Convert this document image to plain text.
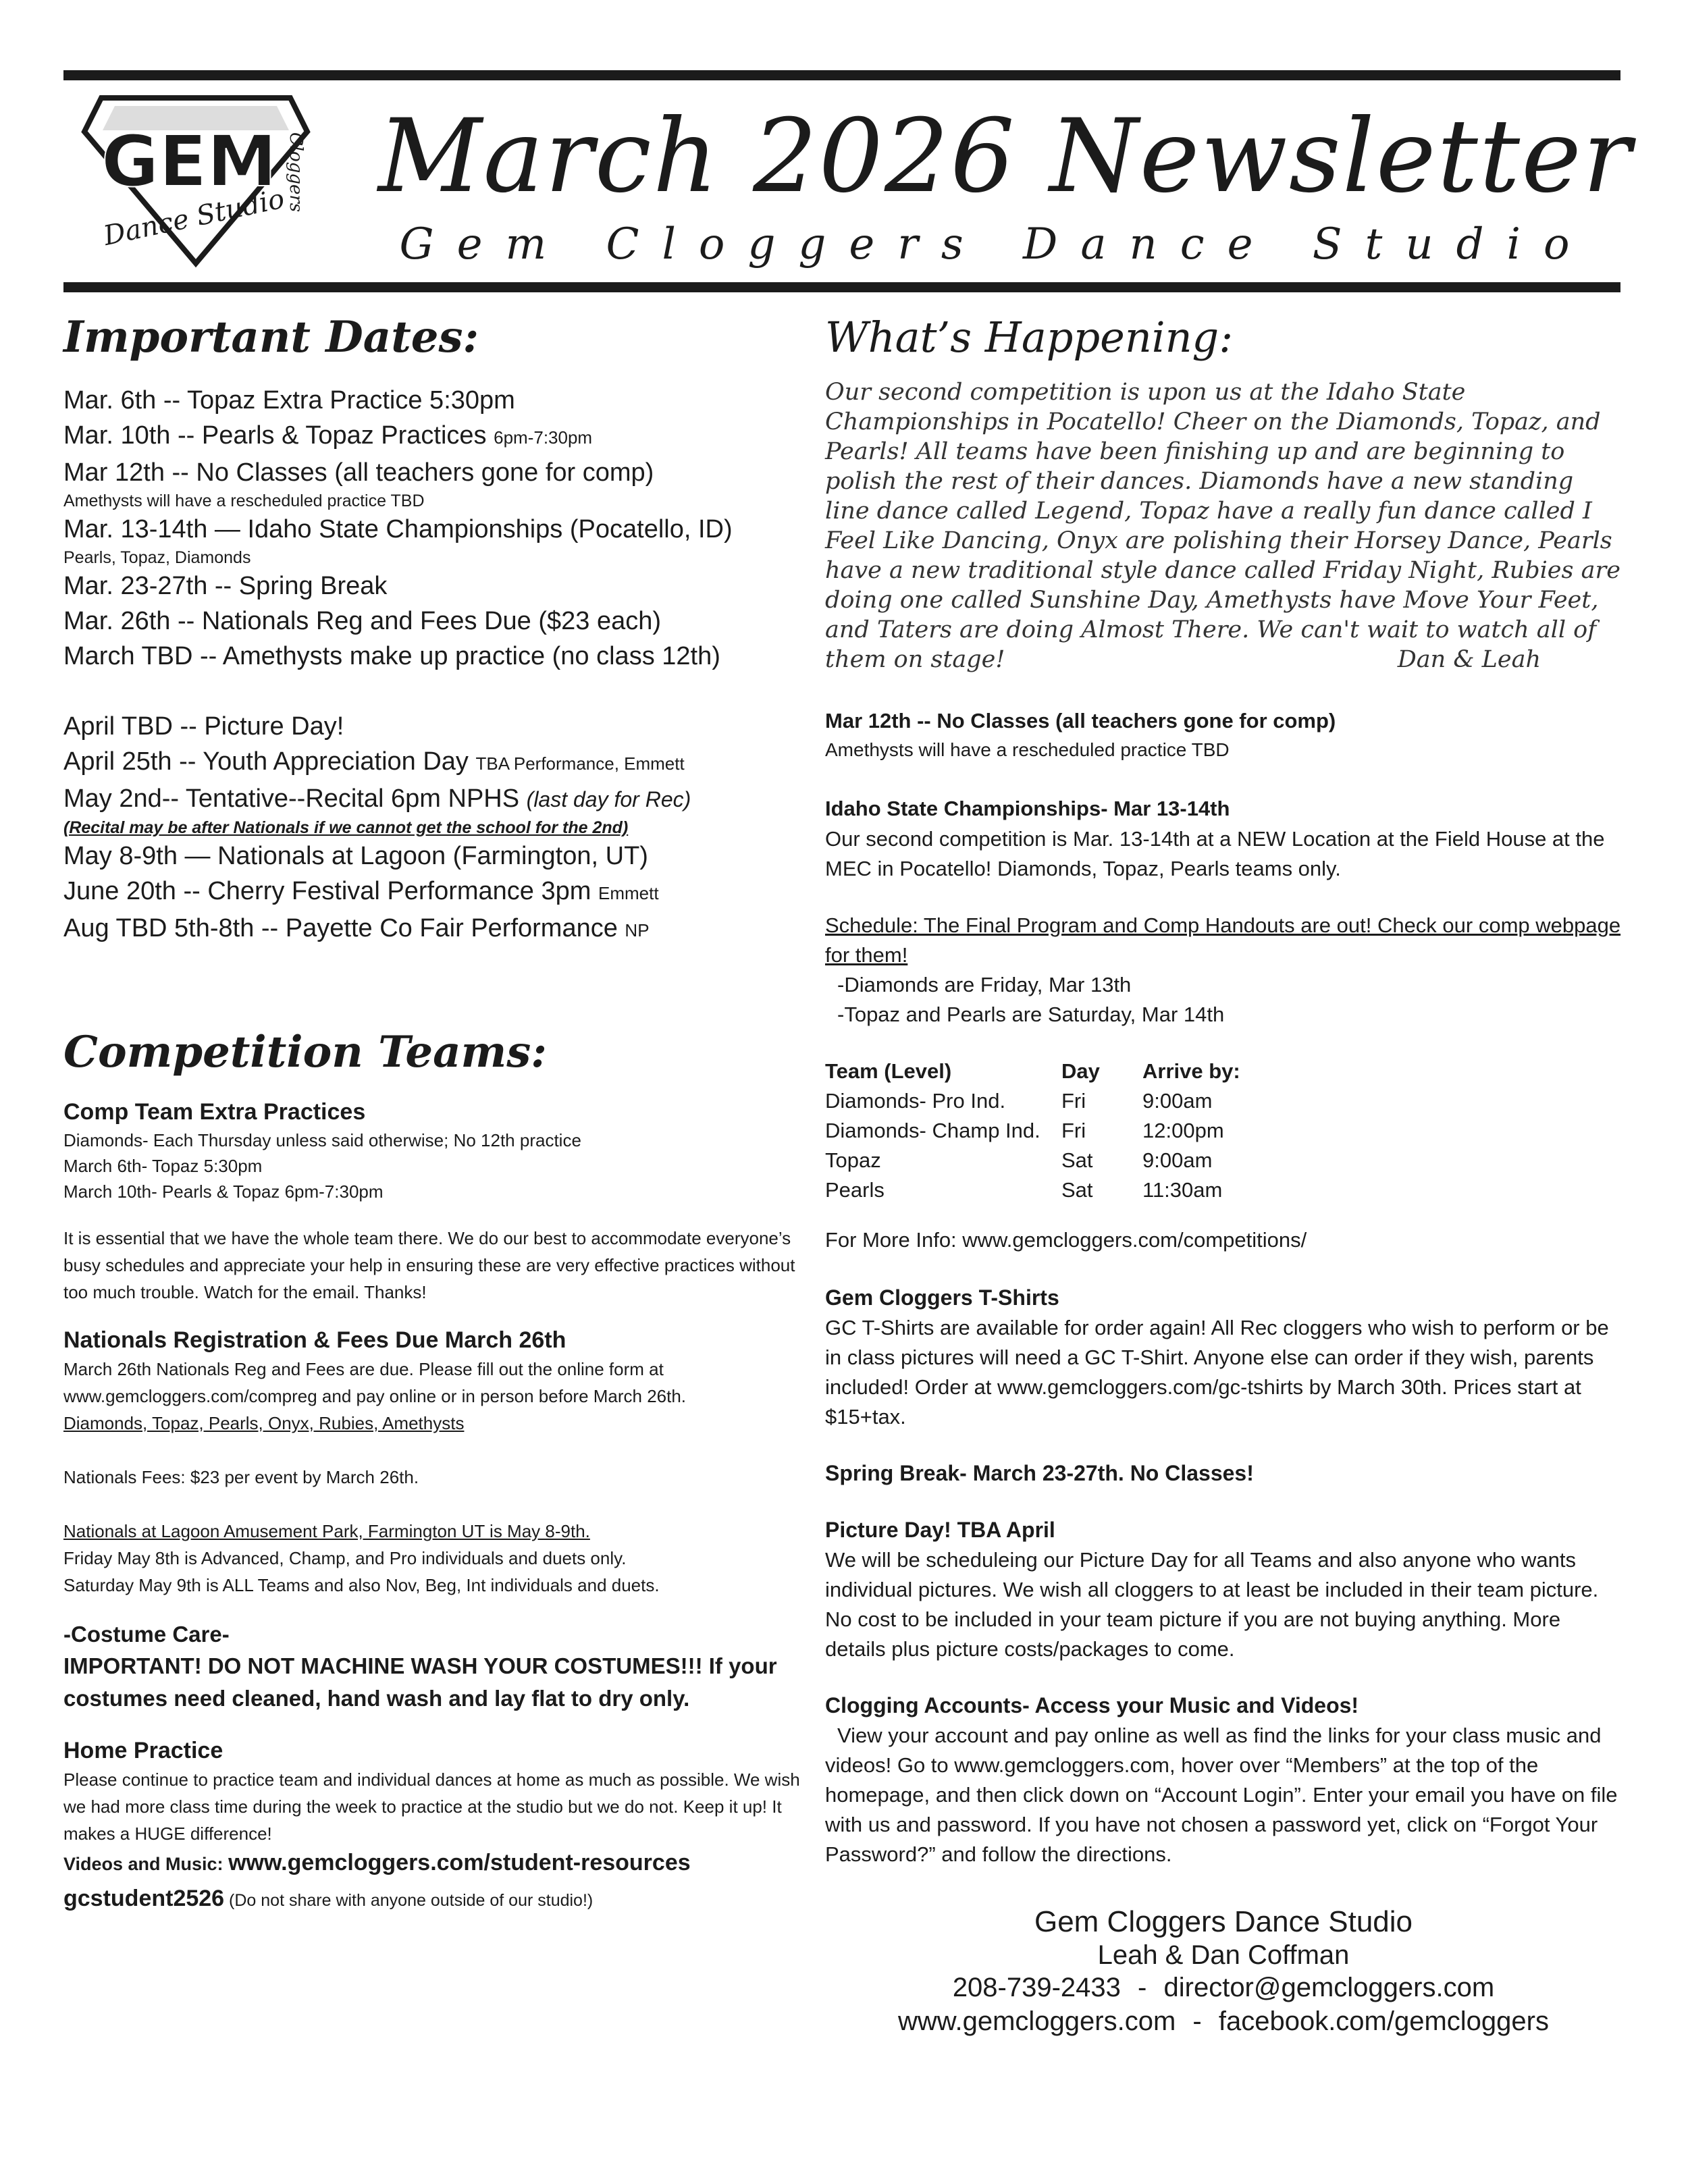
GEM Cloggers
Dance Studio
March 2026 Newsletter
Gem Cloggers Dance Studio
Important Dates:
Mar. 6th -- Topaz Extra Practice 5:30pm
Mar. 10th -- Pearls & Topaz Practices 6pm-7:30pm
Mar 12th -- No Classes (all teachers gone for comp)
Amethysts will have a rescheduled practice TBD
Mar. 13-14th — Idaho State Championships (Pocatello, ID)
Pearls, Topaz, Diamonds
Mar. 23-27th -- Spring Break
Mar. 26th -- Nationals Reg and Fees Due ($23 each)
March TBD -- Amethysts make up practice (no class 12th)
April TBD -- Picture Day!
April 25th -- Youth Appreciation Day TBA Performance, Emmett
May 2nd-- Tentative--Recital 6pm NPHS (last day for Rec)
(Recital may be after Nationals if we cannot get the school for the 2nd)
May 8-9th — Nationals at Lagoon (Farmington, UT)
June 20th -- Cherry Festival Performance 3pm Emmett
Aug TBD 5th-8th -- Payette Co Fair Performance NP
Competition Teams:
Comp Team Extra Practices
Diamonds- Each Thursday unless said otherwise; No 12th practice
March 6th- Topaz 5:30pm
March 10th- Pearls & Topaz 6pm-7:30pm
It is essential that we have the whole team there. We do our best to accommodate everyone’s busy schedules and appreciate your help in ensuring these are very effective practices without too much trouble. Watch for the email. Thanks!
Nationals Registration & Fees Due March 26th
March 26th Nationals Reg and Fees are due. Please fill out the online form at www.gemcloggers.com/compreg and pay online or in person before March 26th.
Diamonds, Topaz, Pearls, Onyx, Rubies, Amethysts
Nationals Fees: $23 per event by March 26th.
Nationals at Lagoon Amusement Park, Farmington UT is May 8-9th.
Friday May 8th is Advanced, Champ, and Pro individuals and duets only.
Saturday May 9th is ALL Teams and also Nov, Beg, Int individuals and duets.
-Costume Care-
IMPORTANT! DO NOT MACHINE WASH YOUR COSTUMES!!! If your costumes need cleaned, hand wash and lay flat to dry only.
Home Practice
Please continue to practice team and individual dances at home as much as possible. We wish we had more class time during the week to practice at the studio but we do not. Keep it up! It makes a HUGE difference!
Videos and Music: www.gemcloggers.com/student-resources
gcstudent2526 (Do not share with anyone outside of our studio!)
What’s Happening:
Our second competition is upon us at the Idaho State Championships in Pocatello! Cheer on the Diamonds, Topaz, and Pearls! All teams have been finishing up and are beginning to polish the rest of their dances. Diamonds have a new standing line dance called Legend, Topaz have a really fun dance called I Feel Like Dancing, Onyx are polishing their Horsey Dance, Pearls have a new traditional style dance called Friday Night, Rubies are doing one called Sunshine Day, Amethysts have Move Your Feet, and Taters are doing Almost There. We can't wait to watch all of them on stage!	Dan & Leah
Mar 12th -- No Classes (all teachers gone for comp)
Amethysts will have a rescheduled practice TBD
Idaho State Championships- Mar 13-14th
Our second competition is Mar. 13-14th at a NEW Location at the Field House at the MEC in Pocatello! Diamonds, Topaz, Pearls teams only.
Schedule: The Final Program and Comp Handouts are out! Check our comp webpage for them!
-Diamonds are Friday, Mar 13th
-Topaz and Pearls are Saturday, Mar 14th
Team (Level)	Day	Arrive by:
Diamonds- Pro Ind.	Fri	9:00am
Diamonds- Champ Ind.	Fri	12:00pm
Topaz	Sat	9:00am
Pearls	Sat	11:30am
For More Info: www.gemcloggers.com/competitions/
Gem Cloggers T-Shirts
GC T-Shirts are available for order again! All Rec cloggers who wish to perform or be in class pictures will need a GC T-Shirt. Anyone else can order if they wish, parents included! Order at www.gemcloggers.com/gc-tshirts by March 30th. Prices start at $15+tax.
Spring Break- March 23-27th. No Classes!
Picture Day! TBA April
We will be scheduleing our Picture Day for all Teams and also anyone who wants individual pictures. We wish all cloggers to at least be included in their team picture. No cost to be included in your team picture if you are not buying anything. More details plus picture costs/packages to come.
Clogging Accounts- Access your Music and Videos!
View your account and pay online as well as find the links for your class music and videos! Go to www.gemcloggers.com, hover over “Members” at the top of the homepage, and then click down on “Account Login”. Enter your email you have on file with us and password. If you have not chosen a password yet, click on “Forgot Your Password?” and follow the directions.
Gem Cloggers Dance Studio
Leah & Dan Coffman
208-739-2433 - director@gemcloggers.com
www.gemcloggers.com - facebook.com/gemcloggers
